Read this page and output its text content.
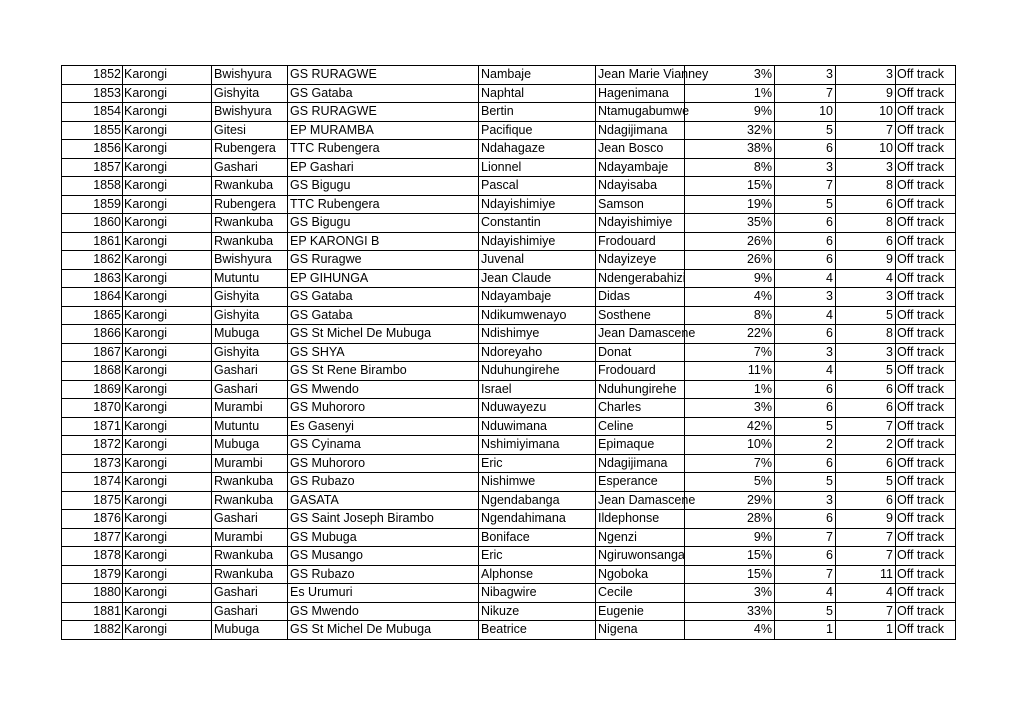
1852	Karongi	Bwishyura	GS RURAGWE	Nambaje	Jean Marie Vianney	3%	3	3	Off track
1853	Karongi	Gishyita	GS Gataba	Naphtal	Hagenimana	1%	7	9	Off track
1854	Karongi	Bwishyura	GS RURAGWE	Bertin	Ntamugabumwe	9%	10	10	Off track
1855	Karongi	Gitesi	EP MURAMBA	Pacifique	Ndagijimana	32%	5	7	Off track
1856	Karongi	Rubengera	TTC Rubengera	Ndahagaze	Jean Bosco	38%	6	10	Off track
1857	Karongi	Gashari	EP Gashari	Lionnel	Ndayambaje	8%	3	3	Off track
1858	Karongi	Rwankuba	GS Bigugu	Pascal	Ndayisaba	15%	7	8	Off track
1859	Karongi	Rubengera	TTC Rubengera	Ndayishimiye	Samson	19%	5	6	Off track
1860	Karongi	Rwankuba	GS Bigugu	Constantin	Ndayishimiye	35%	6	8	Off track
1861	Karongi	Rwankuba	EP KARONGI B	Ndayishimiye	Frodouard	26%	6	6	Off track
1862	Karongi	Bwishyura	GS Ruragwe	Juvenal	Ndayizeye	26%	6	9	Off track
1863	Karongi	Mutuntu	EP GIHUNGA	Jean Claude	Ndengerabahizi	9%	4	4	Off track
1864	Karongi	Gishyita	GS Gataba	Ndayambaje	Didas	4%	3	3	Off track
1865	Karongi	Gishyita	GS Gataba	Ndikumwenayo	Sosthene	8%	4	5	Off track
1866	Karongi	Mubuga	GS St Michel De Mubuga	Ndishimye	Jean Damascene	22%	6	8	Off track
1867	Karongi	Gishyita	GS SHYA	Ndoreyaho	Donat	7%	3	3	Off track
1868	Karongi	Gashari	GS St Rene Birambo	Nduhungirehe	Frodouard	11%	4	5	Off track
1869	Karongi	Gashari	GS Mwendo	Israel	Nduhungirehe	1%	6	6	Off track
1870	Karongi	Murambi	GS Muhororo	Nduwayezu	Charles	3%	6	6	Off track
1871	Karongi	Mutuntu	Es Gasenyi	Nduwimana	Celine	42%	5	7	Off track
1872	Karongi	Mubuga	GS Cyinama	Nshimiyimana	Epimaque	10%	2	2	Off track
1873	Karongi	Murambi	GS Muhororo	Eric	Ndagijimana	7%	6	6	Off track
1874	Karongi	Rwankuba	GS Rubazo	Nishimwe	Esperance	5%	5	5	Off track
1875	Karongi	Rwankuba	GASATA	Ngendabanga	Jean Damascene	29%	3	6	Off track
1876	Karongi	Gashari	GS Saint Joseph Birambo	Ngendahimana	Ildephonse	28%	6	9	Off track
1877	Karongi	Murambi	GS Mubuga	Boniface	Ngenzi	9%	7	7	Off track
1878	Karongi	Rwankuba	GS Musango	Eric	Ngiruwonsanga	15%	6	7	Off track
1879	Karongi	Rwankuba	GS Rubazo	Alphonse	Ngoboka	15%	7	11	Off track
1880	Karongi	Gashari	Es Urumuri	Nibagwire	Cecile	3%	4	4	Off track
1881	Karongi	Gashari	GS Mwendo	Nikuze	Eugenie	33%	5	7	Off track
1882	Karongi	Mubuga	GS St Michel De Mubuga	Beatrice	Nigena	4%	1	1	Off track
